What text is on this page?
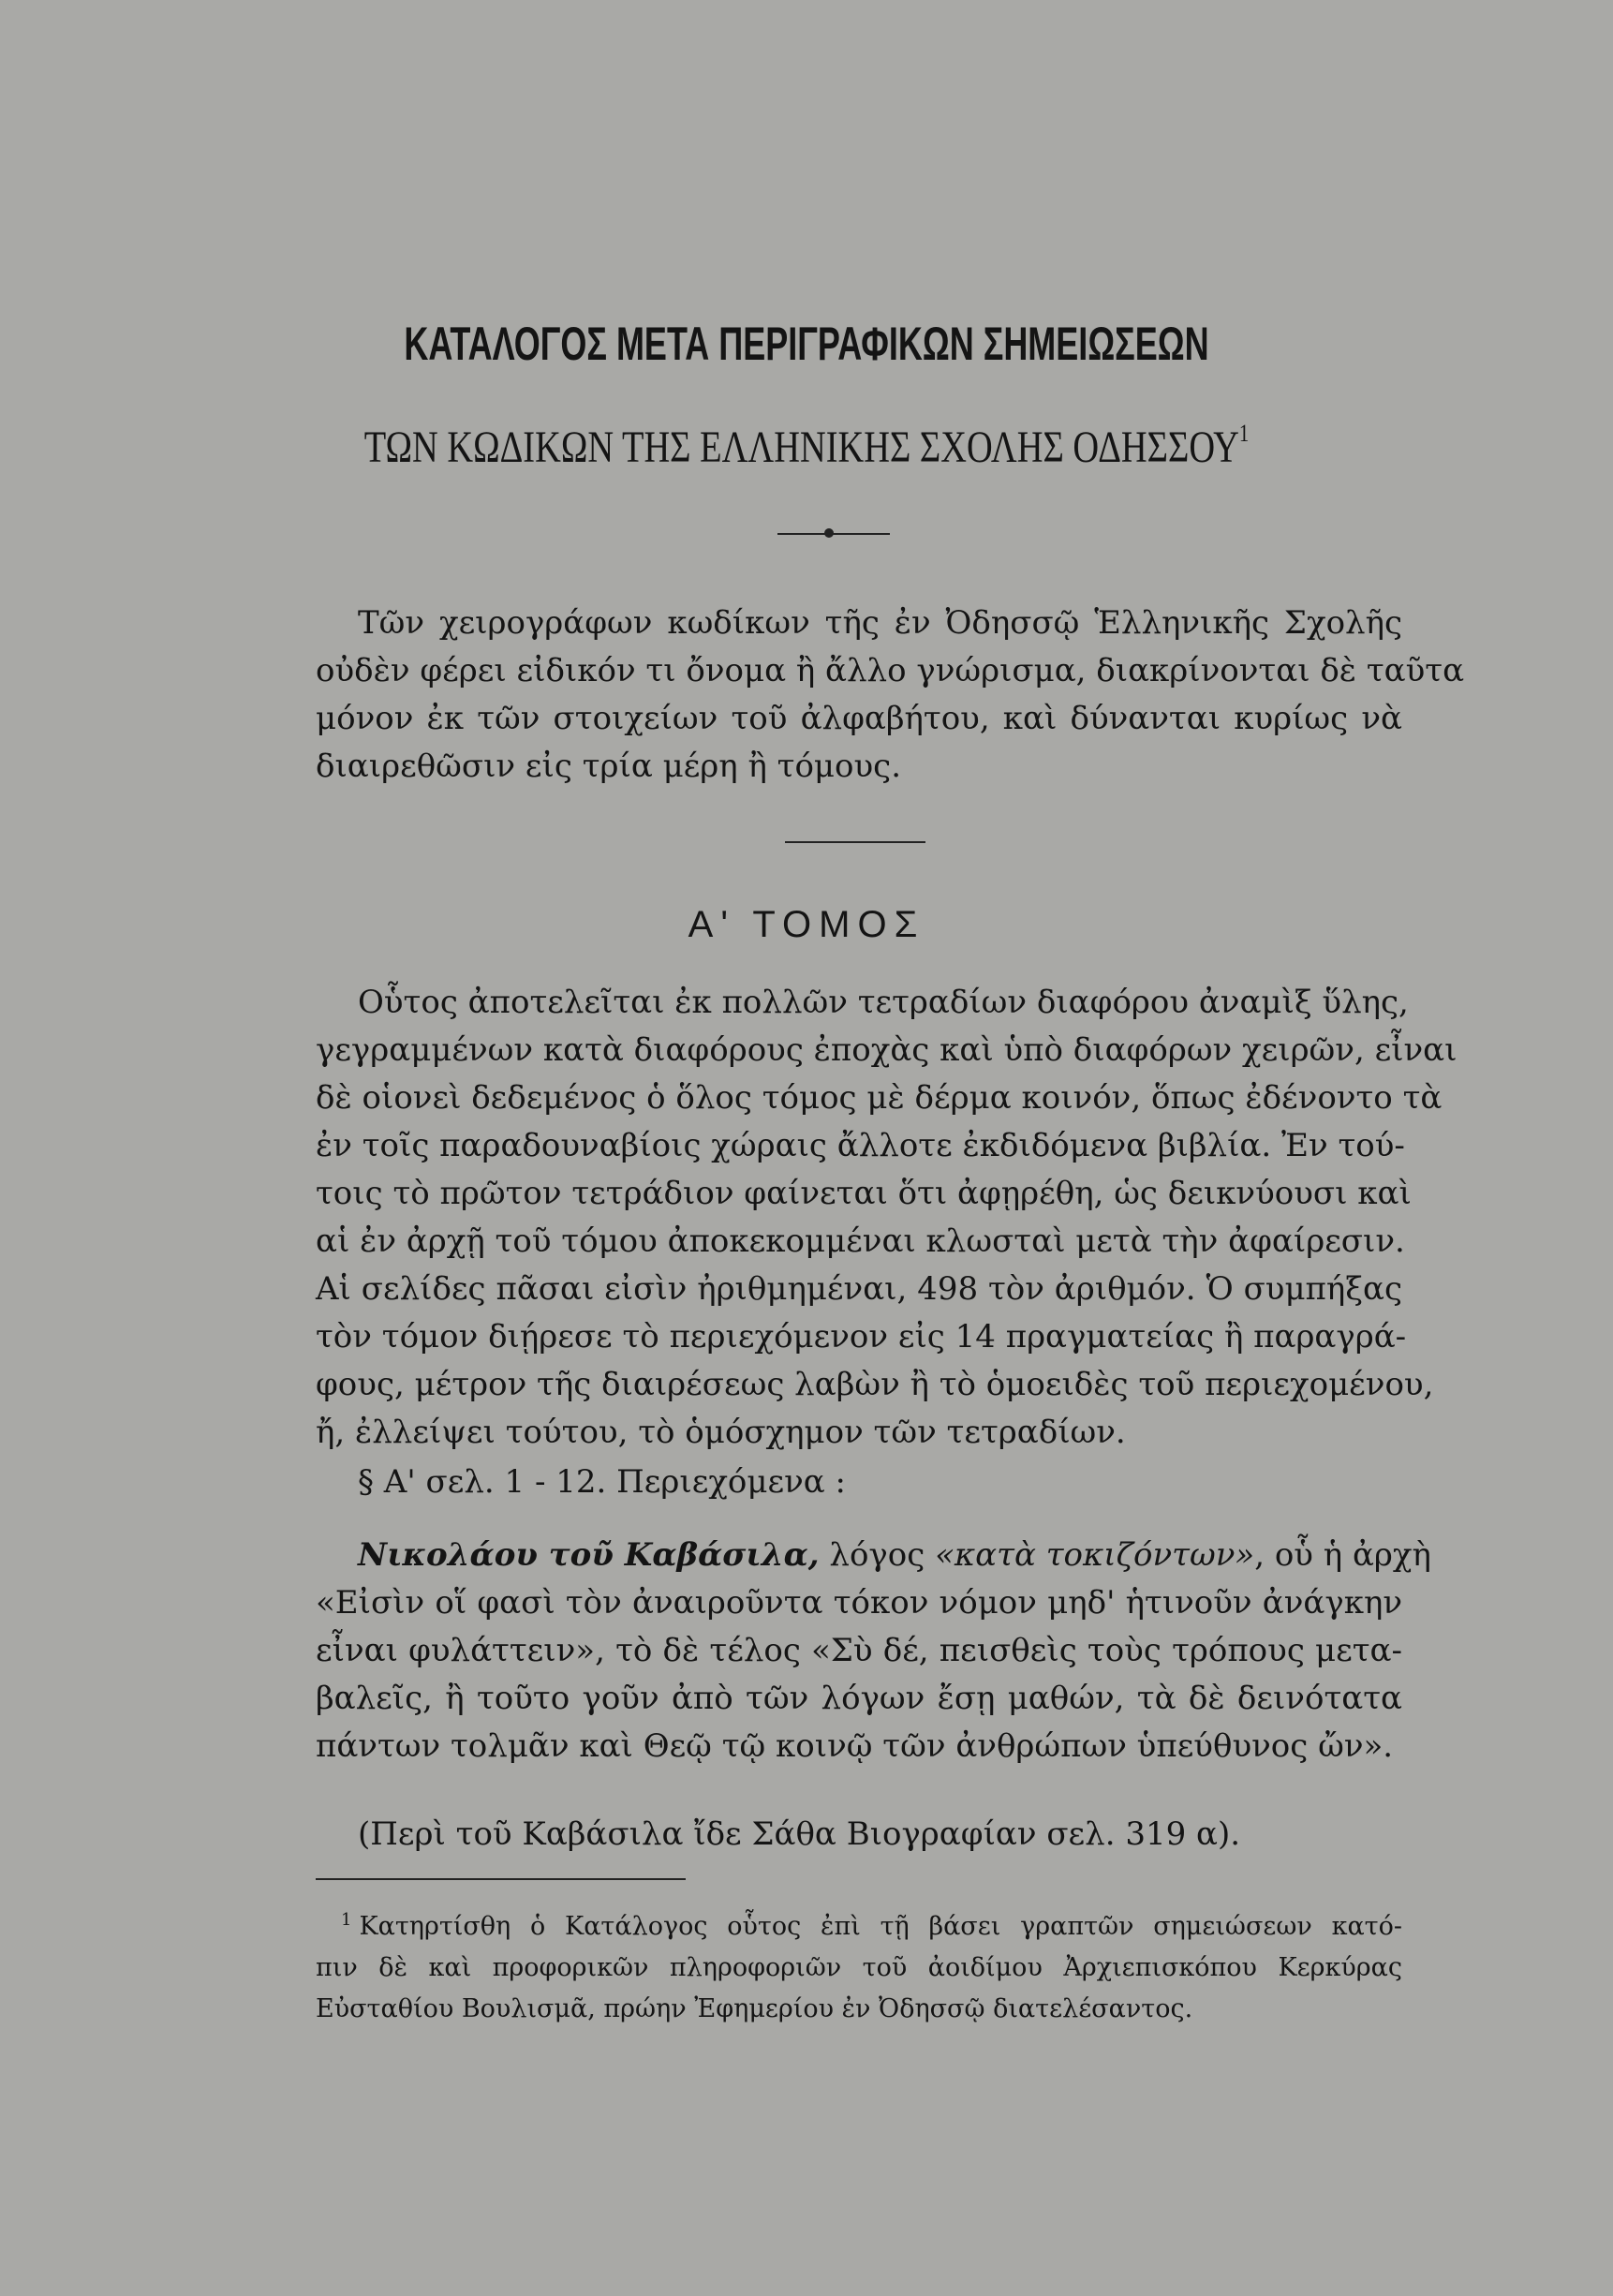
ΚΑΤΑΛΟΓΟΣ ΜΕΤΑ ΠΕΡΙΓΡΑΦΙΚΩΝ ΣΗΜΕΙΩΣΕΩΝ
ΤΩΝ ΚΩΔΙΚΩΝ ΤΗΣ ΕΛΛΗΝΙΚΗΣ ΣΧΟΛΗΣ ΟΔΗΣΣΟΥ$^1$
Τῶν χειρογράφων κωδίκων τῆς ἐν Ὀδησσῷ Ἑλληνικῆς Σχολῆς
οὐδὲν φέρει εἰδικόν τι ὄνομα ἢ ἄλλο γνώρισμα, διακρίνονται δὲ ταῦτα
μόνον ἐκ τῶν στοιχείων τοῦ ἀλφαβήτου, καὶ δύνανται κυρίως νὰ
διαιρεθῶσιν εἰς τρία μέρη ἢ τόμους.
Α' ΤΟΜΟΣ
Οὗτος ἀποτελεῖται ἐκ πολλῶν τετραδίων διαφόρου ἀναμὶξ ὕλης,
γεγραμμένων κατὰ διαφόρους ἐποχὰς καὶ ὑπὸ διαφόρων χειρῶν, εἶναι
δὲ οἱονεὶ δεδεμένος ὁ ὅλος τόμος μὲ δέρμα κοινόν, ὅπως ἐδένοντο τὰ
ἐν τοῖς παραδουναβίοις χώραις ἄλλοτε ἐκδιδόμενα βιβλία. Ἐν τού-
τοις τὸ πρῶτον τετράδιον φαίνεται ὅτι ἀφῃρέθη, ὡς δεικνύουσι καὶ
αἱ ἐν ἀρχῇ τοῦ τόμου ἀποκεκομμέναι κλωσταὶ μετὰ τὴν ἀφαίρεσιν.
Αἱ σελίδες πᾶσαι εἰσὶν ἠριθμημέναι, 498 τὸν ἀριθμόν. Ὁ συμπήξας
τὸν τόμον διῄρεσε τὸ περιεχόμενον εἰς 14 πραγματείας ἢ παραγρά-
φους, μέτρον τῆς διαιρέσεως λαβὼν ἢ τὸ ὁμοειδὲς τοῦ περιεχομένου,
ἤ, ἐλλείψει τούτου, τὸ ὁμόσχημον τῶν τετραδίων.
§ Α' σελ. 1 - 12. Περιεχόμενα :
Νικολάου τοῦ Καβάσιλα, λόγος «κατὰ τοκιζόντων», οὗ ἡ ἀρχὴ
«Εἰσὶν οἵ φασὶ τὸν ἀναιροῦντα τόκον νόμον μηδ' ἡτινοῦν ἀνάγκην
εἶναι φυλάττειν», τὸ δὲ τέλος «Σὺ δέ, πεισθεὶς τοὺς τρόπους μετα-
βαλεῖς, ἢ τοῦτο γοῦν ἀπὸ τῶν λόγων ἔσῃ μαθών, τὰ δὲ δεινότατα
πάντων τολμᾶν καὶ Θεῷ τῷ κοινῷ τῶν ἀνθρώπων ὑπεύθυνος ὤν».
(Περὶ τοῦ Καβάσιλα ἴδε Σάθα Βιογραφίαν σελ. 319 α).
$^1$ Κατηρτίσθη ὁ Κατάλογος οὗτος ἐπὶ τῇ βάσει γραπτῶν σημειώσεων κατό-
πιν δὲ καὶ προφορικῶν πληροφοριῶν τοῦ ἀοιδίμου Ἀρχιεπισκόπου Κερκύρας
Εὐσταθίου Βουλισμᾶ, πρώην Ἐφημερίου ἐν Ὀδησσῷ διατελέσαντος.
